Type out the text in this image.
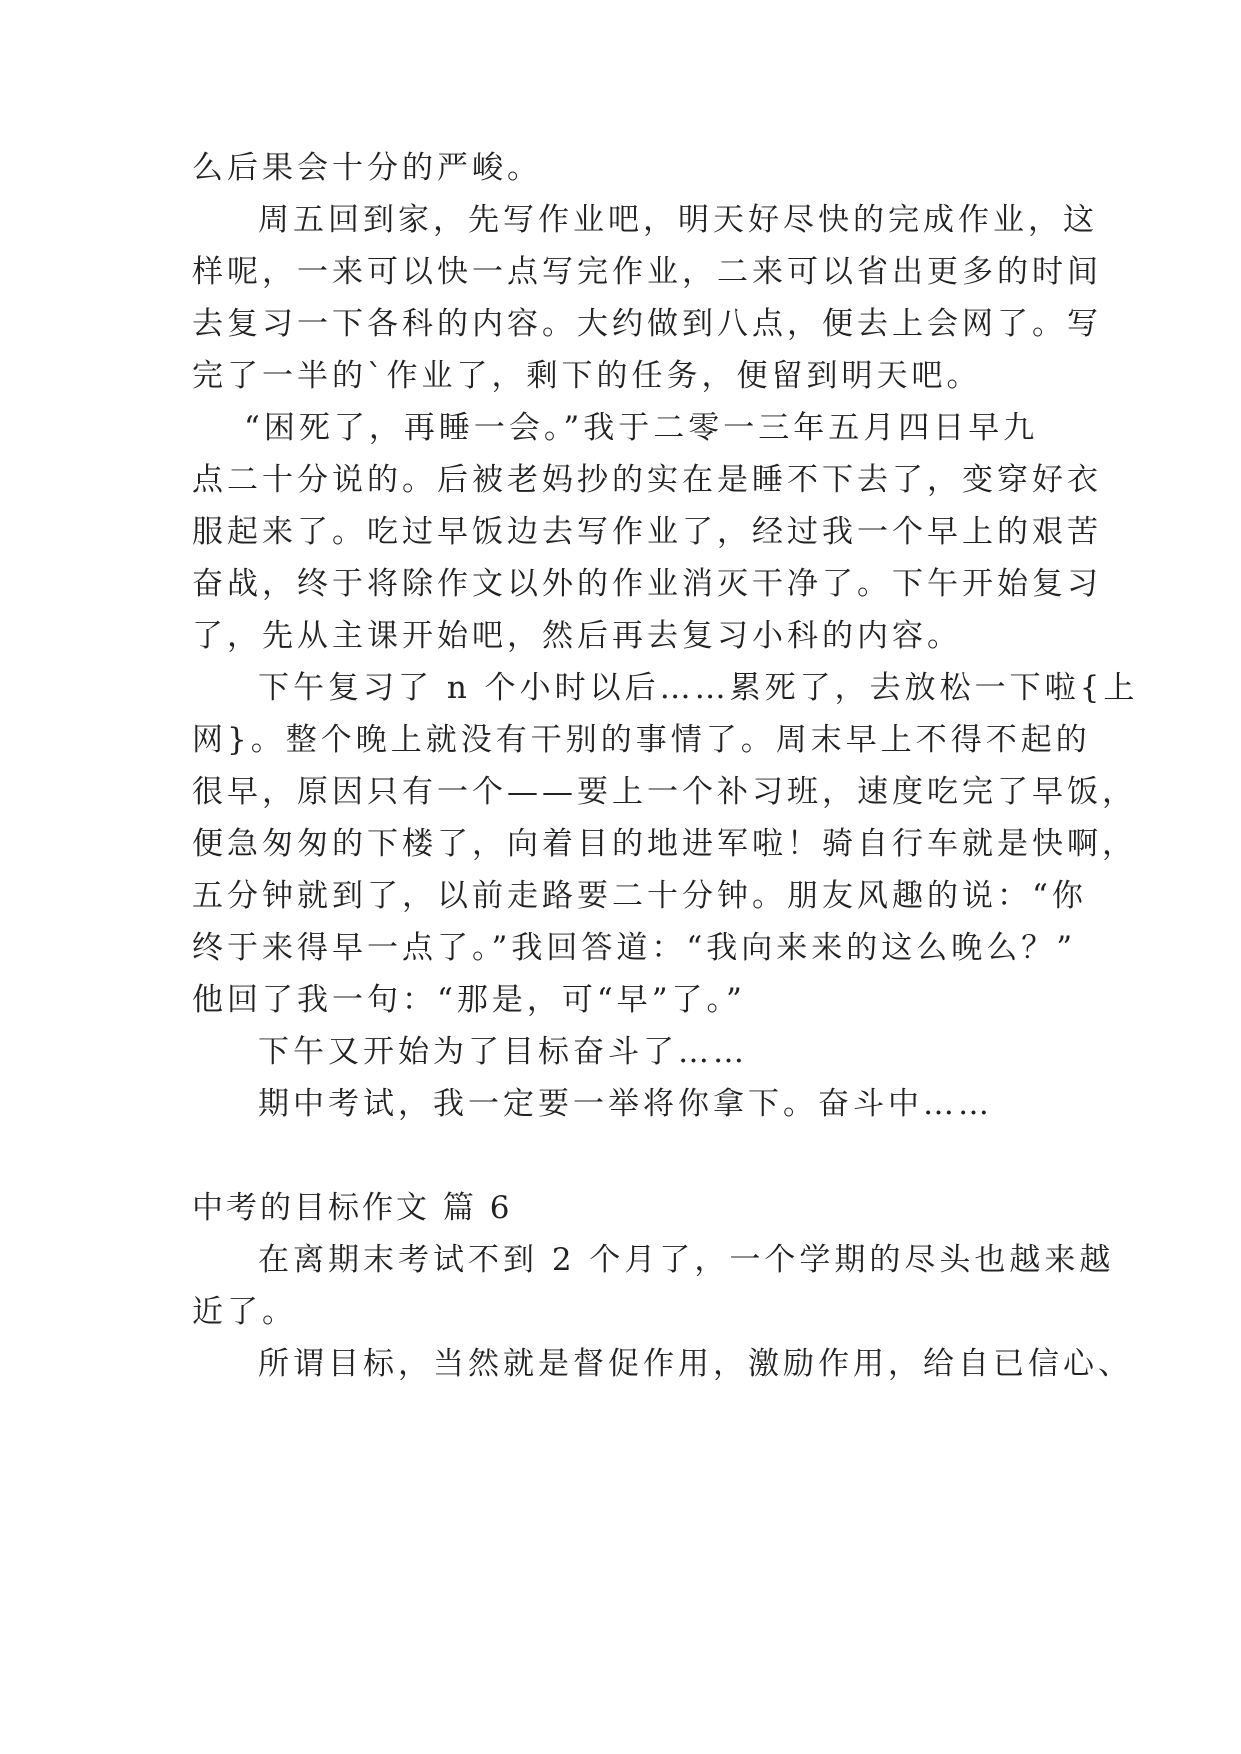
么后果会十分的严峻。
周五回到家，先写作业吧，明天好尽快的完成作业，这
样呢，一来可以快一点写完作业，二来可以省出更多的时间
去复习一下各科的内容。大约做到八点，便去上会网了。写
完了一半的`作业了，剩下的任务，便留到明天吧。
“困死了，再睡一会。”我于二零一三年五月四日早九
点二十分说的。后被老妈抄的实在是睡不下去了，变穿好衣
服起来了。吃过早饭边去写作业了，经过我一个早上的艰苦
奋战，终于将除作文以外的作业消灭干净了。下午开始复习
了，先从主课开始吧，然后再去复习小科的内容。
下午复习了 n 个小时以后……累死了，去放松一下啦{上
网}。整个晚上就没有干别的事情了。周末早上不得不起的
很早，原因只有一个——要上一个补习班，速度吃完了早饭，
便急匆匆的下楼了，向着目的地进军啦！骑自行车就是快啊，
五分钟就到了，以前走路要二十分钟。朋友风趣的说：“你
终于来得早一点了。”我回答道：“我向来来的这么晚么？”
他回了我一句：“那是，可“早”了。”
下午又开始为了目标奋斗了……
期中考试，我一定要一举将你拿下。奋斗中……
中考的目标作文 篇 6
在离期末考试不到 2 个月了，一个学期的尽头也越来越
近了。
所谓目标，当然就是督促作用，激励作用，给自已信心、
